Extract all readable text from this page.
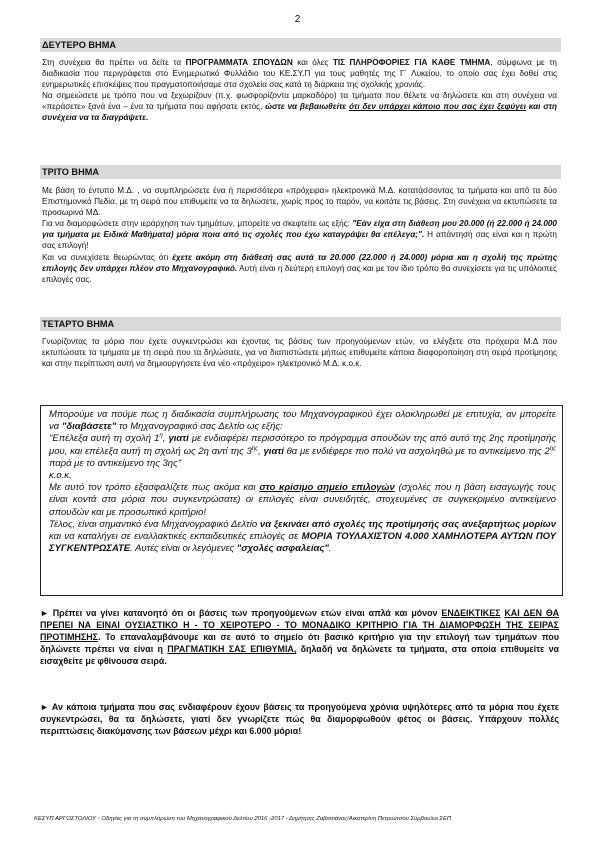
2
ΔΕΥΤΕΡΟ ΒΗΜΑ

Στη συνέχεια θα πρέπει να δείτε τα ΠΡΟΓΡΑΜΜΑΤΑ ΣΠΟΥΔΩΝ και όλες ΤΙΣ ΠΛΗΡΟΦΟΡΙΕΣ ΓΙΑ ΚΑΘΕ ΤΜΗΜΑ, σύμφωνα με τη διαδικασία που περιγράφεται στο Ενημερωτικό Φυλλάδιο του ΚΕ.ΣΥ.Π για τους μαθητές της Γ΄ Λυκείου, το οποίο σας έχει δοθεί στις ενημερωτικές επισκέψεις που πραγματοποιήσαμε στα σχολεία σας κατά τη διάρκεια της σχολικής χρονιάς.

Να σημειώσετε με τρόπο που να ξεχωρίζουν (π.χ. φωσφορίζοντα μαρκαδόρο) τα τμήματα που θέλετε να δηλώσετε και στη συνέχεια να «περάσετε» ξανά ένα – ένα τα τμήματα που αφήσατε εκτός, ώστε να βεβαιωθείτε ότι δεν υπάρχει κάποιο που σας έχει ξεφύγει και στη συνέχεια να τα διαγράψετε.

ΤΡΙΤΟ ΒΗΜΑ

Με βάση το έντυπο Μ.Δ. , να συμπληρώσετε ένα ή περισσότερα «πρόχειρα» ηλεκτρονικά Μ.Δ. κατατάσσοντας τα τμήματα και από τα δύο Επιστημονικά Πεδία, με τη σειρά που επιθυμείτε να τα δηλώσετε, χωρίς προς το παρόν, να κοιτάτε τις βάσεις. Στη συνέχεια να εκτυπώσετε τα προσωρινά ΜΔ.

Για να διαμορφώσετε στην ιεράρχηση των τμημάτων, μπορείτε να σκεφτείτε ως εξής: "Εάν είχα στη διάθεση μου 20.000 (ή 22.000 ή 24.000 για τμήματα με Ειδικά Μαθήματα) μόρια ποια από τις σχολές που έχω καταγράψει θα επέλεγα;". Η απάντησή σας είναι και η πρώτη σας επιλογή!

Και να συνεχίσετε θεωρώντας ότι έχετε ακόμη στη διάθεσή σας αυτά τα 20.000 (22.000 ή 24.000) μόρια και η σχολή της πρώτης επιλογής δεν υπάρχει πλέον στο Μηχανογραφικό. Αυτή είναι η δεύτερη επιλογή σας και με τον ίδιο τρόπο θα συνεχίσετε για τις υπόλοιπες επιλογές σας.

ΤΕΤΑΡΤΟ ΒΗΜΑ

Γνωρίζοντας τα μόρια που έχετε συγκεντρώσει και έχοντας τις βάσεις των προηγούμενων ετών, να ελέγξετε στα πρόχειρα Μ.Δ που εκτυπώσατε τα τμήματα με τη σειρά που τα δηλώσατε, για να διαπιστώσετε μήπως επιθυμείτε κάποια διαφοροποίηση στη σειρά προτίμησης και στην περίπτωση αυτή να δημιουργήσετε ένα νέο «πρόχειρο» ηλεκτρονικό Μ.Δ. κ.ο.κ.

Μπορούμε να πούμε πως η διαδικασία συμπλήρωσης του Μηχανογραφικού έχει ολοκληρωθεί με επιτυχία, αν μπορείτε να "διαβάσετε" το Μηχανογραφικό σας Δελτίο ως εξής:

"Επέλεξα αυτή τη σχολή $1^\eta$, γιατί με ενδιαφέρει περισσότερο το πρόγραμμα σπουδών της από αυτό της 2ης προτίμησής μου, και επέλεξα αυτή τη σχολή ως 2η αντί της $3^{\eta\varsigma}$, γιατί θα με ενδιέφερε πιο πολύ να ασχοληθώ με το αντικείμενο της $2^{\eta\varsigma}$ παρά με το αντικείμενο της 3ης"

κ.ο.κ.

Με αυτό τον τρόπο εξασφαλίζετε πως ακόμα και στο κρίσιμο σημείο επιλογών (σχολές που η βάση εισαγωγής τους είναι κοντά στα μόρια που συγκεντρώσατε) οι επιλογές είναι συνειδητές, στοχευμένες σε συγκεκριμένο αντικείμενο σπουδών και με προσωπικό κριτήριο!

Τέλος, είναι σημαντικό ένα Μηχανογραφικό Δελτίο να ξεκινάει από σχολές της προτίμησής σας ανεξαρτήτως μορίων και να καταλήγει σε εναλλακτικές εκπαιδευτικές επιλογές σε ΜΟΡΙΑ ΤΟΥΛΑΧΙΣΤΟΝ 4.000 ΧΑΜΗΛΟΤΕΡΑ ΑΥΤΩΝ ΠΟΥ ΣΥΓΚΕΝΤΡΩΣΑΤΕ. Αυτές είναι οι λεγόμενες "σχολές ασφαλείας".

► Πρέπει να γίνει κατανοητό ότι οι βάσεις των προηγούμενων ετών είναι απλά και μόνον ΕΝΔΕΙΚΤΙΚΕΣ ΚΑΙ ΔΕΝ ΘΑ ΠΡΕΠΕΙ ΝΑ ΕΙΝΑΙ ΟΥΣΙΑΣΤΙΚΟ Η - ΤΟ ΧΕΙΡΟΤΕΡΟ - ΤΟ ΜΟΝΑΔΙΚΟ ΚΡΙΤΗΡΙΟ ΓΙΑ ΤΗ ΔΙΑΜΟΡΦΩΣΗ ΤΗΣ ΣΕΙΡΑΣ ΠΡΟΤΙΜΗΣΗΣ. Το επαναλαμβάνουμε και σε αυτό το σημείο ότι βασικό κριτήριο για την επιλογή των τμημάτων που δηλώνετε πρέπει να είναι η ΠΡΑΓΜΑΤΙΚΗ ΣΑΣ ΕΠΙΘΥΜΙΑ, δηλαδή να δηλώνετε τα τμήματα, στα οποία επιθυμείτε να εισαχθείτε με φθίνουσα σειρά.

► Αν κάποια τμήματα που σας ενδιαφέρουν έχουν βάσεις τα προηγούμενα χρόνια υψηλότερες από τα μόρια που έχετε συγκεντρώσει, θα τα δηλώσετε, γιατί δεν γνωρίζετε πώς θα διαμορφωθούν φέτος οι βάσεις. Υπάρχουν πολλές περιπτώσεις διακύμανσης των βάσεων μέχρι και 6.000 μόρια!

ΚΕΣΥΠ ΑΡΓΟΣΤΟΛΙΟΥ - Οδηγίες για τη συμπλήρωση του Μηχανογραφικού Δελτίου 2016 -2017 - Δημήτρης Ζαβιτσιάνος/Αικατερίνη Πετρούτσου Σύμβουλοι ΣΕΠ
